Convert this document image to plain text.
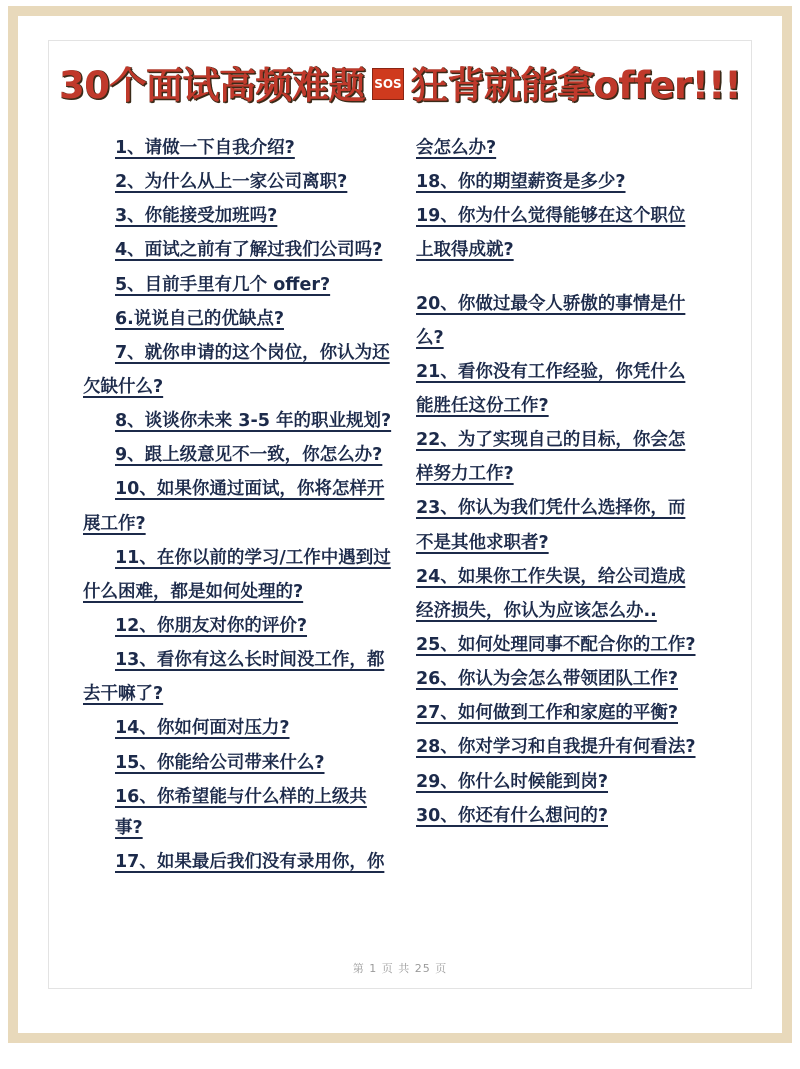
30个面试高频难题 SOS 狂背就能拿offer!!!
1、请做一下自我介绍?
2、为什么从上一家公司离职?
3、你能接受加班吗?
4、面试之前有了解过我们公司吗?
5、目前手里有几个 offer?
6.说说自己的优缺点?
7、就你申请的这个岗位，你认为还
欠缺什么?
8、谈谈你未来 3-5 年的职业规划?
9、跟上级意见不一致，你怎么办?
10、如果你通过面试，你将怎样开
展工作?
11、在你以前的学习/工作中遇到过
什么困难，都是如何处理的?
12、你朋友对你的评价?
13、看你有这么长时间没工作，都
去干嘛了?
14、你如何面对压力?
15、你能给公司带来什么?
16、你希望能与什么样的上级共事?
17、如果最后我们没有录用你，你
会怎么办?
18、你的期望薪资是多少?
19、你为什么觉得能够在这个职位
上取得成就?
20、你做过最令人骄傲的事情是什
么?
21、看你没有工作经验，你凭什么
能胜任这份工作?
22、为了实现自己的目标，你会怎
样努力工作?
23、你认为我们凭什么选择你，而
不是其他求职者?
24、如果你工作失误，给公司造成
经济损失，你认为应该怎么办..
25、如何处理同事不配合你的工作?
26、你认为会怎么带领团队工作?
27、如何做到工作和家庭的平衡?
28、你对学习和自我提升有何看法?
29、你什么时候能到岗?
30、你还有什么想问的?
第 1 页 共 25 页
